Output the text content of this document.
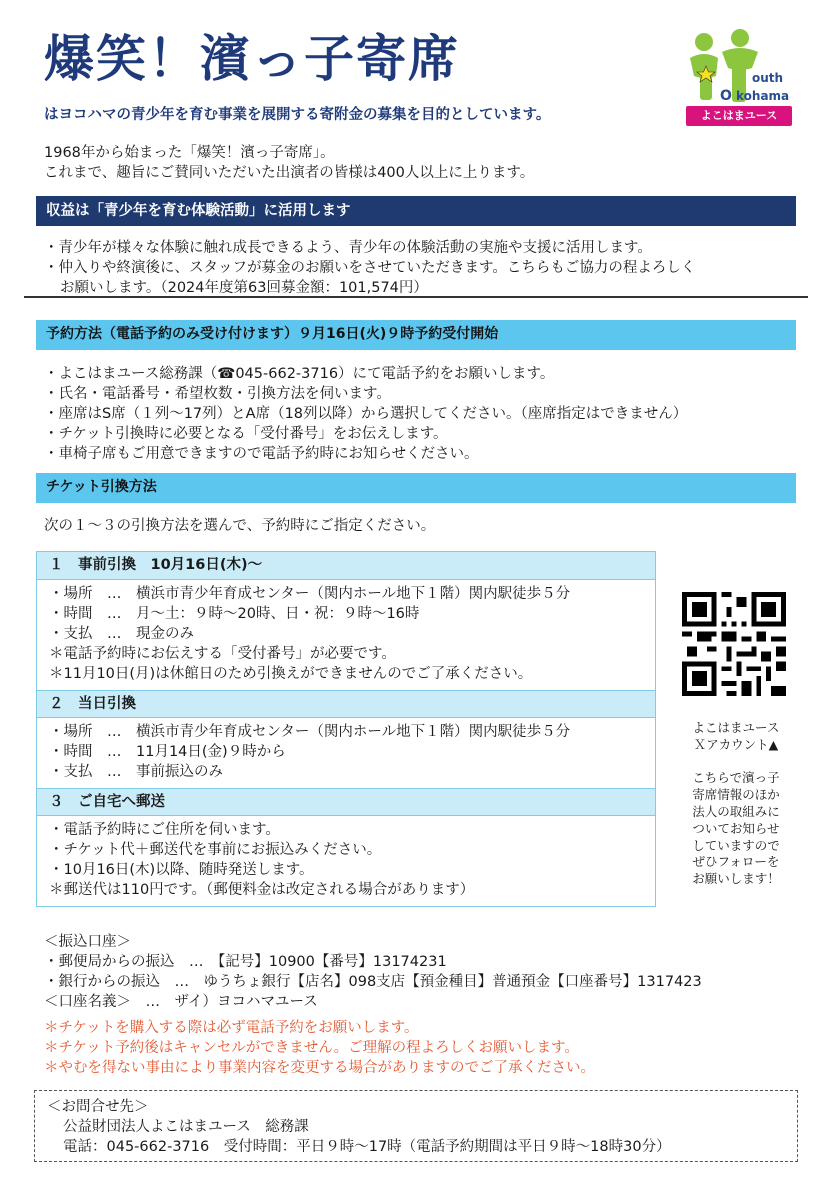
爆笑！濱っ子寄席
はヨコハマの青少年を育む事業を展開する寄附金の募集を目的としています。
outh
kohama
O
よこはまユース
1968年から始まった「爆笑！濱っ子寄席」。
これまで、趣旨にご賛同いただいた出演者の皆様は400人以上に上ります。
収益は「青少年を育む体験活動」に活用します
・青少年が様々な体験に触れ成長できるよう、青少年の体験活動の実施や支援に活用します。
・仲入りや終演後に、スタッフが募金のお願いをさせていただきます。こちらもご協力の程よろしく
お願いします。（2024年度第63回募金額：101,574円）
予約方法（電話予約のみ受け付けます）９月16日(火)９時予約受付開始
・よこはまユース総務課（☎045-662-3716）にて電話予約をお願いします。
・氏名・電話番号・希望枚数・引換方法を伺います。
・座席はS席（１列〜17列）とA席（18列以降）から選択してください。（座席指定はできません）
・チケット引換時に必要となる「受付番号」をお伝えします。
・車椅子席もご用意できますので電話予約時にお知らせください。
チケット引換方法
次の１〜３の引換方法を選んで、予約時にご指定ください。
１　事前引換　10月16日(木)〜
・場所　…　横浜市青少年育成センター（関内ホール地下１階）関内駅徒歩５分
・時間　…　月〜土：９時〜20時、日・祝：９時〜16時
・支払　…　現金のみ
＊電話予約時にお伝えする「受付番号」が必要です。
＊11月10日(月)は休館日のため引換えができませんのでご了承ください。
２　当日引換
・場所　…　横浜市青少年育成センター（関内ホール地下１階）関内駅徒歩５分
・時間　…　11月14日(金)９時から
・支払　…　事前振込のみ
３　ご自宅へ郵送
・電話予約時にご住所を伺います。
・チケット代＋郵送代を事前にお振込みください。
・10月16日(木)以降、随時発送します。
＊郵送代は110円です。（郵便料金は改定される場合があります）
よこはまユース
Ｘアカウント▲
こちらで濱っ子
寄席情報のほか
法人の取組みに
ついてお知らせ
していますので
ぜひフォローを
お願いします！
＜振込口座＞
・郵便局からの振込　…　【記号】10900【番号】13174231
・銀行からの振込　…　ゆうちょ銀行【店名】098支店【預金種目】普通預金【口座番号】1317423
＜口座名義＞　…　ザイ）ヨコハマユース
＊チケットを購入する際は必ず電話予約をお願いします。
＊チケット予約後はキャンセルができません。ご理解の程よろしくお願いします。
＊やむを得ない事由により事業内容を変更する場合がありますのでご了承ください。
＜お問合せ先＞
公益財団法人よこはまユース　総務課
電話：045-662-3716　受付時間：平日９時〜17時（電話予約期間は平日９時〜18時30分）
